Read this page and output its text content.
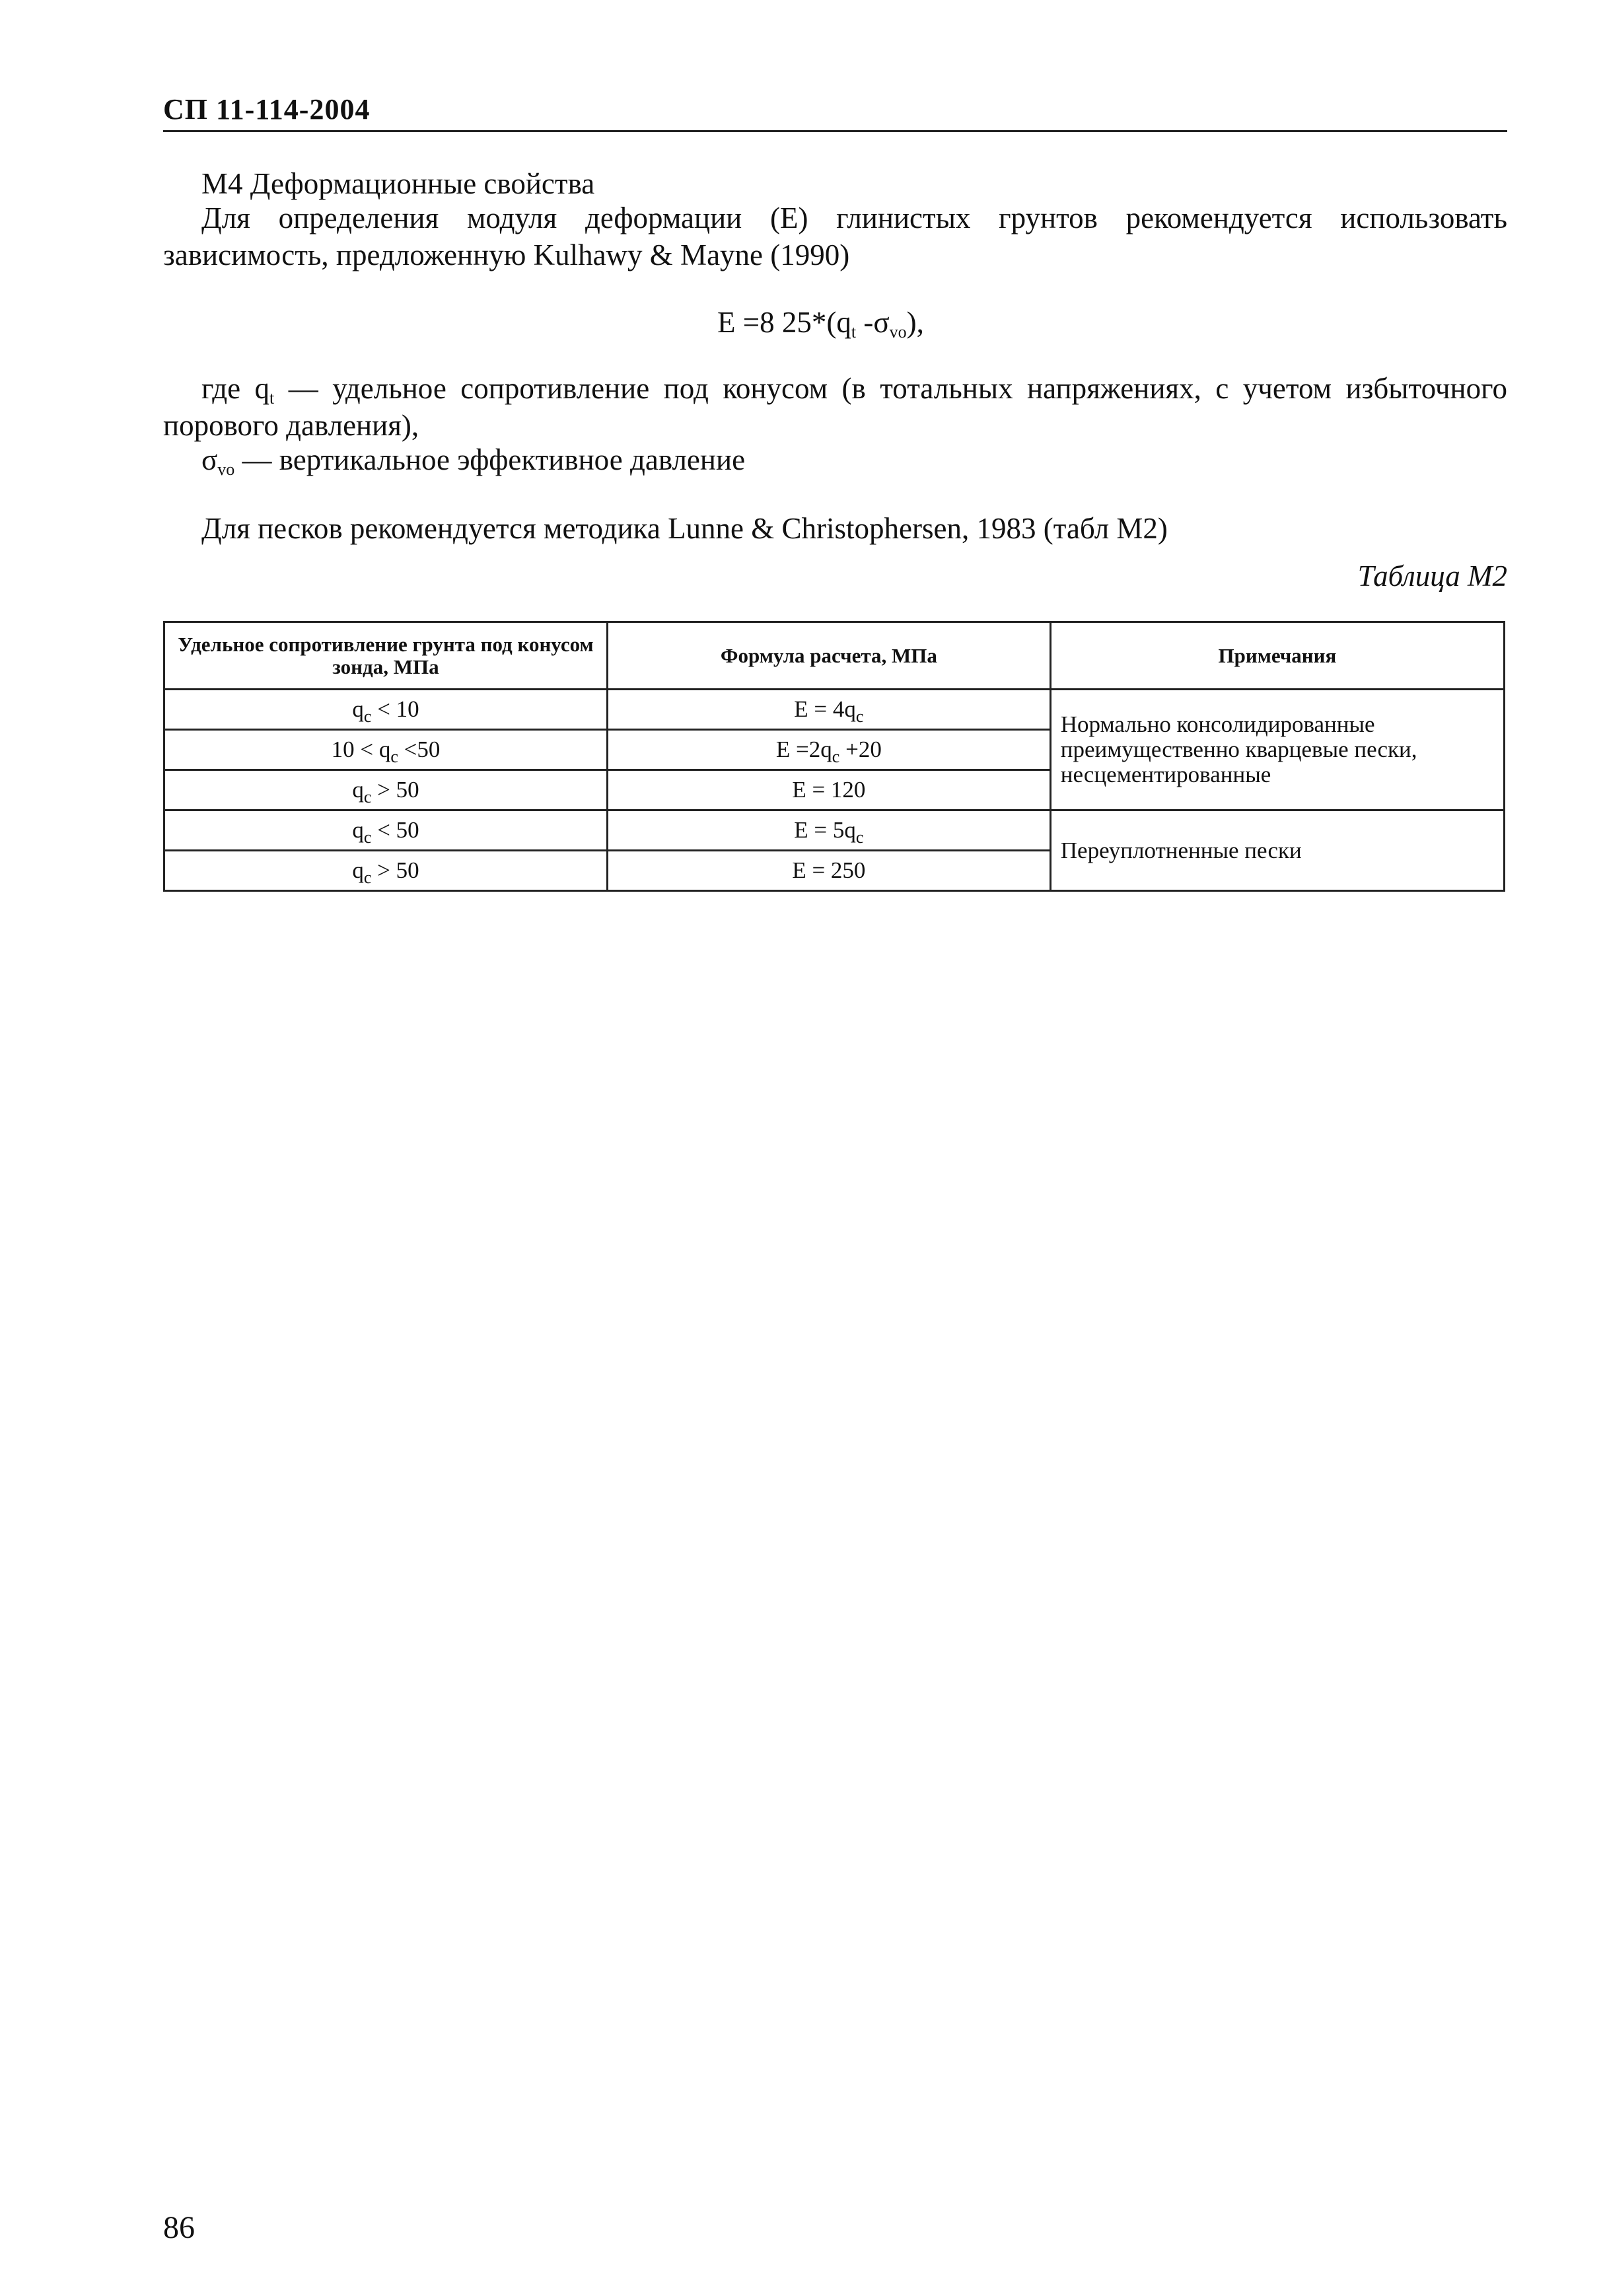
СП 11-114-2004
М4 Деформационные свойства
Для определения модуля деформации (Е) глинистых грунтов рекомендуется использовать зависимость, предложенную Kulhawy & Mayne (1990)
Е =8 $25*(q_t$ $-\sigma_{vo}$),
где $q_t$ — удельное сопротивление под конусом (в тотальных напряжениях, с учетом избыточного порового давления),
$\sigma_{vo}$ — вертикальное эффективное давление
Для песков рекомендуется методика Lunne & Christophersen, 1983 (табл М2)
Таблица М2
Удельное сопротивление грунта под конусом зонда, МПа	Формула расчета, МПа	Примечания
$q_c < 10$	$E = 4q_c$	Нормально консолидированные преимущественно кварцевые пески, несцементированные
$10 < q_c <50$	$E =2q_c +20$	
$q_c > 50$	E = 120	
$q_c < 50$	$E = 5q_c$	Переуплотненные пески
$q_c > 50$	E = 250	
86
